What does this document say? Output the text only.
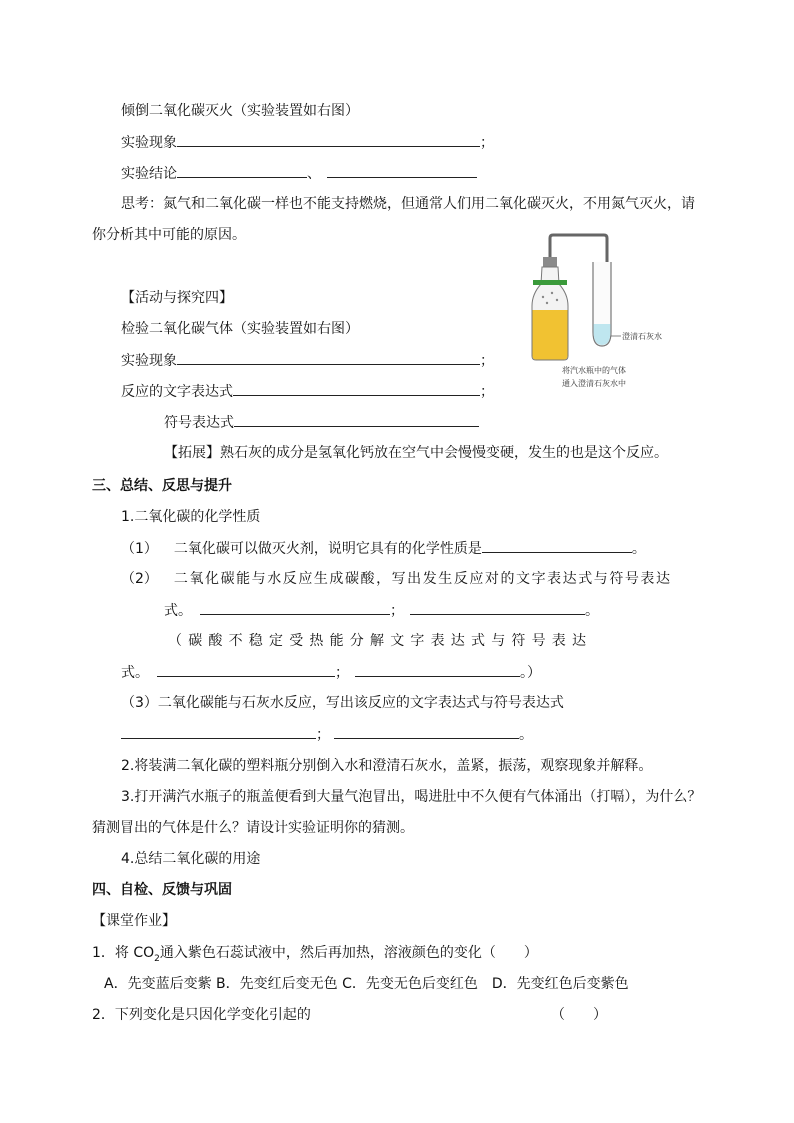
倾倒二氧化碳灭火（实验装置如右图）
实验现象	；
实验结论	、
思考：氮气和二氧化碳一样也不能支持燃烧，但通常人们用二氧化碳灭火，不用氮气灭火，请
你分析其中可能的原因。
澄清石灰水
将汽水瓶中的气体
通入澄清石灰水中
【活动与探究四】
检验二氧化碳气体（实验装置如右图）
实验现象	；
反应的文字表达式	；
符号表达式
【拓展】熟石灰的成分是氢氧化钙放在空气中会慢慢变硬，发生的也是这个反应。
三、总结、反思与提升
1.二氧化碳的化学性质
（1） 二氧化碳可以做灭火剂，说明它具有的化学性质是	。
（2） 二氧化碳能与水反应生成碳酸，写出发生反应对的文字表达式与符号表达
式。	；	。
（碳酸不稳定受热能分解文字表达式与符号表达
式。	；	。）
（3）二氧化碳能与石灰水反应，写出该反应的文字表达式与符号表达式
；	。
2.将装满二氧化碳的塑料瓶分别倒入水和澄清石灰水，盖紧，振荡，观察现象并解释。
3.打开满汽水瓶子的瓶盖便看到大量气泡冒出，喝进肚中不久便有气体涌出（打嗝），为什么？
猜测冒出的气体是什么？请设计实验证明你的猜测。
4.总结二氧化碳的用途
四、自检、反馈与巩固
【课堂作业】
1．将 $CO_2$通入紫色石蕊试液中，然后再加热，溶液颜色的变化（　　）
A．先变蓝后变紫 B．先变红后变无色 C．先变无色后变红色　D．先变红色后变紫色
2．下列变化是只因化学变化引起的	（　　）
